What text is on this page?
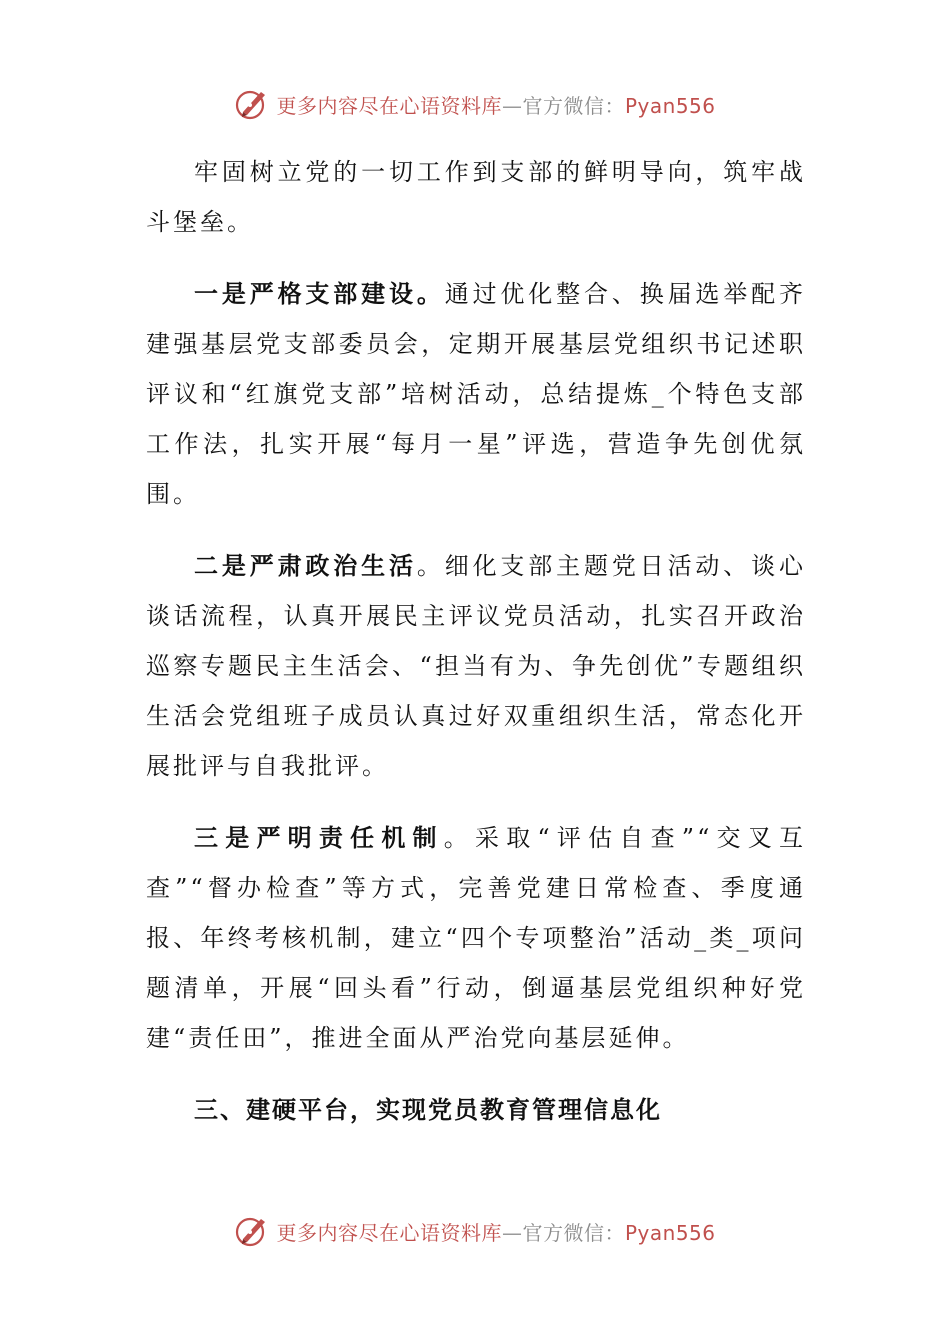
更多内容尽在心语资料库—官方微信：Pyan556

牢固树立党的一切工作到支部的鲜明导向，筑牢战斗堡垒。

一是严格支部建设。通过优化整合、换届选举配齐建强基层党支部委员会，定期开展基层党组织书记述职评议和“红旗党支部”培树活动，总结提炼_个特色支部工作法，扎实开展“每月一星”评选，营造争先创优氛围。

二是严肃政治生活。细化支部主题党日活动、谈心谈话流程，认真开展民主评议党员活动，扎实召开政治巡察专题民主生活会、“担当有为、争先创优”专题组织生活会党组班子成员认真过好双重组织生活，常态化开展批评与自我批评。

三是严明责任机制。采取“评估自查”“交叉互查”“督办检查”等方式，完善党建日常检查、季度通报、年终考核机制，建立“四个专项整治”活动_类_项问题清单，开展“回头看”行动，倒逼基层党组织种好党建“责任田”，推进全面从严治党向基层延伸。

三、建硬平台，实现党员教育管理信息化

更多内容尽在心语资料库—官方微信：Pyan556
